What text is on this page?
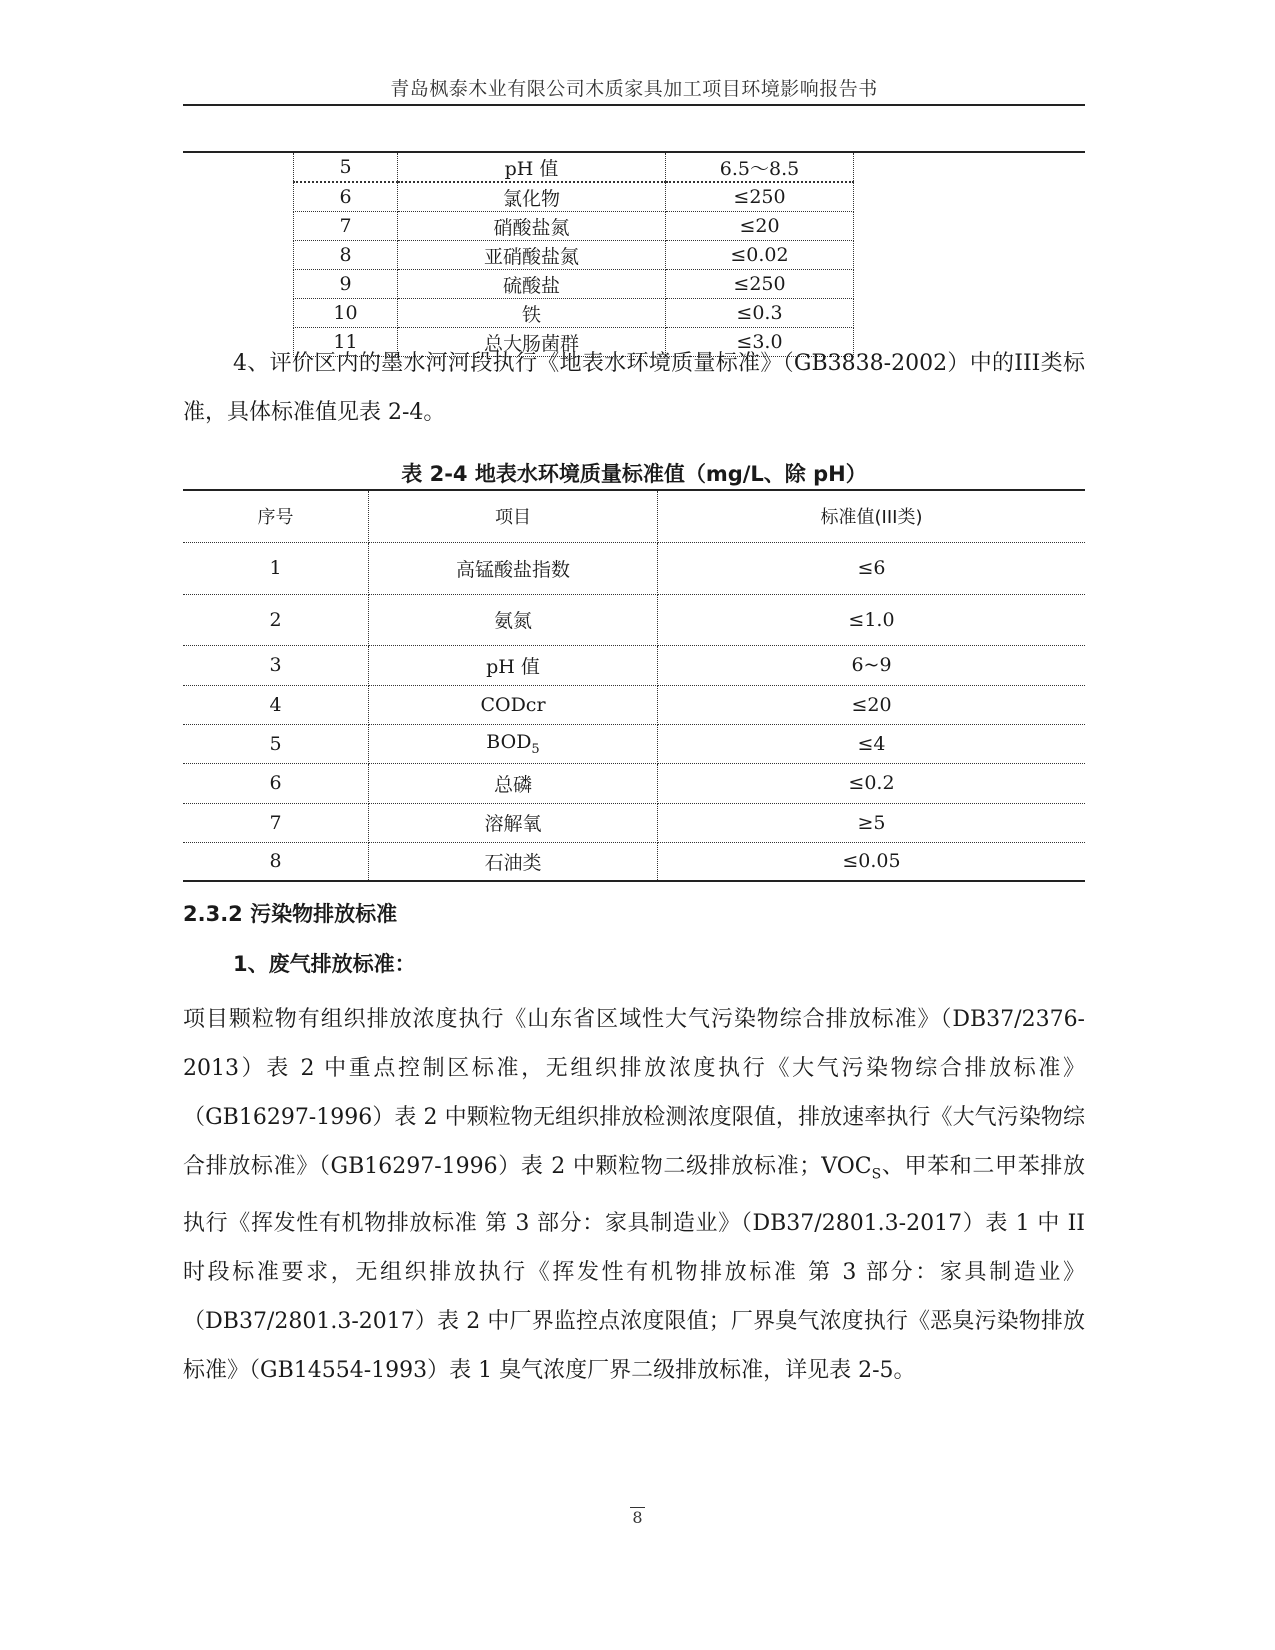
青岛枫泰木业有限公司木质家具加工项目环境影响报告书
5	pH 值	6.5～8.5
6	氯化物	≤250
7	硝酸盐氮	≤20
8	亚硝酸盐氮	≤0.02
9	硫酸盐	≤250
10	铁	≤0.3
11	总大肠菌群	≤3.0
4、评价区内的墨水河河段执行《地表水环境质量标准》（GB3838-2002）中的III类标准，具体标准值见表 2-4。
表 2-4 地表水环境质量标准值（mg/L、除 pH）
序号	项目	标准值(III类)
1	高锰酸盐指数	≤6
2	氨氮	≤1.0
3	pH 值	6~9
4	CODcr	≤20
5	$BOD_5$	≤4
6	总磷	≤0.2
7	溶解氧	≥5
8	石油类	≤0.05
2.3.2 污染物排放标准
1、废气排放标准：

项目颗粒物有组织排放浓度执行《山东省区域性大气污染物综合排放标准》（DB37/2376-2013）表 2 中重点控制区标准，无组织排放浓度执行《大气污染物综合排放标准》（GB16297-1996）表 2 中颗粒物无组织排放检测浓度限值，排放速率执行《大气污染物综合排放标准》（GB16297-1996）表 2 中颗粒物二级排放标准；$VOC_S$、甲苯和二甲苯排放执行《挥发性有机物排放标准 第 3 部分：家具制造业》（DB37/2801.3-2017）表 1 中 II 时段标准要求，无组织排放执行《挥发性有机物排放标准 第 3 部分：家具制造业》（DB37/2801.3-2017）表 2 中厂界监控点浓度限值；厂界臭气浓度执行《恶臭污染物排放标准》（GB14554-1993）表 1 臭气浓度厂界二级排放标准，详见表 2-5。
8
